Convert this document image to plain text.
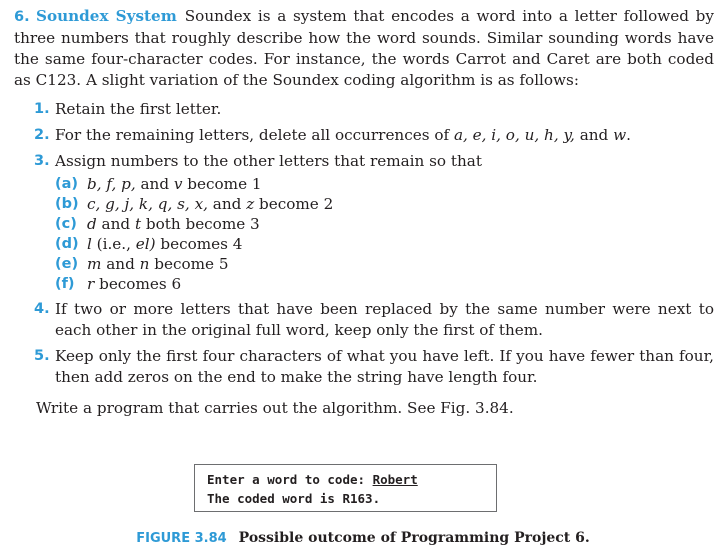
6. Soundex System Soundex is a system that encodes a word into a letter followed by three numbers that roughly describe how the word sounds. Similar sounding words have the same four-character codes. For instance, the words Carrot and Caret are both coded as C123. A slight variation of the Soundex coding algorithm is as follows:
1. Retain the first letter.
2. For the remaining letters, delete all occurrences of a, e, i, o, u, h, y, and w.
3. Assign numbers to the other letters that remain so that
(a) b, f, p, and v become 1
(b) c, g, j, k, q, s, x, and z become 2
(c) d and t both become 3
(d) l (i.e., el) becomes 4
(e) m and n become 5
(f) r becomes 6
4. If two or more letters that have been replaced by the same number were next to each other in the original full word, keep only the first of them.
5. Keep only the first four characters of what you have left. If you have fewer than four, then add zeros on the end to make the string have length four.
Write a program that carries out the algorithm. See Fig. 3.84.
Enter a word to code: Robert
The coded word is R163.
FIGURE 3.84 Possible outcome of Programming Project 6.
